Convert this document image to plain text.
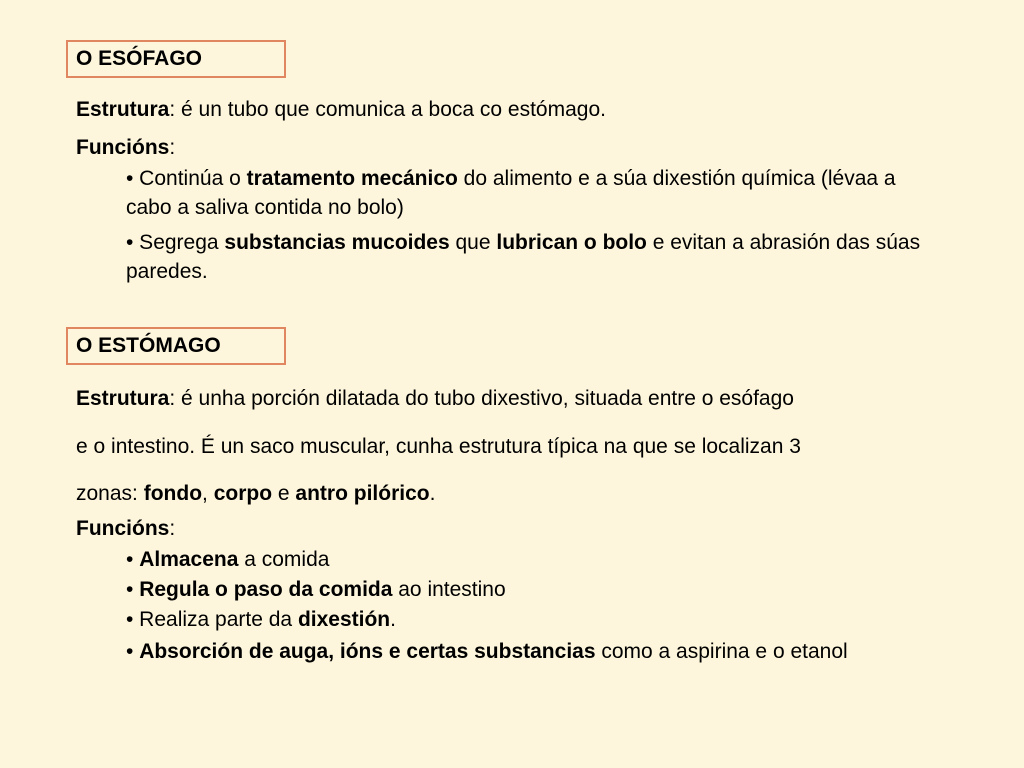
O ESÓFAGO

Estrutura: é un tubo que comunica a boca co estómago.

Funcións:

• Continúa o tratamento mecánico do alimento e a súa dixestión química (lévaa a cabo a saliva contida no bolo)

• Segrega substancias mucoides que lubrican o bolo e evitan a abrasión das súas paredes.

O ESTÓMAGO

Estrutura: é unha porción dilatada do tubo dixestivo, situada entre o esófago

e o intestino. É un saco muscular, cunha estrutura típica na que se localizan 3

zonas: fondo, corpo e antro pilórico.

Funcións:

• Almacena a comida

• Regula o paso da comida ao intestino

• Realiza parte da dixestión.

• Absorción de auga, ións e certas substancias como a aspirina e o etanol
